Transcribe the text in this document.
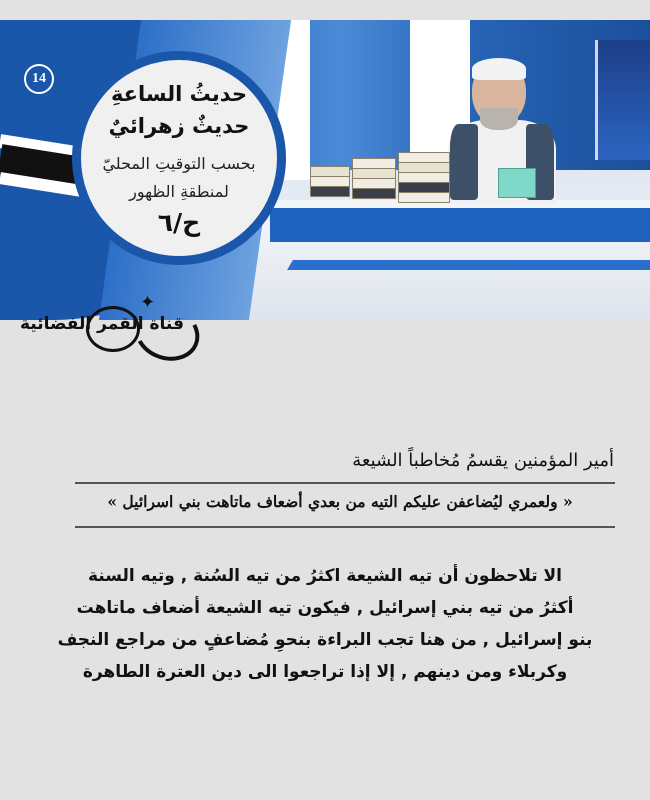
14
حديثُ الساعةِ
حديثٌ زهرائيٌ
بحسب التوقيتِ المحليّ
لمنطقةِ الظهور
ح/٦
✦
قناة القمر الفضائية
أمير المؤمنين يقسمُ مُخاطباً الشيعة
« ولعمري ليُضاعفن عليكم التيه من بعدي أضعاف ماتاهت بني اسرائيل »
الا تلاحظون أن تيه الشيعة اكثرُ من تيه السُنة , وتيه السنة
أكثرُ من تيه بني إسرائيل , فيكون تيه الشيعة أضعاف ماتاهت
بنو إسرائيل , من هنا تجب البراءة بنحوِ مُضاعفٍ من مراجع النجف
وكربلاء ومن دينهم , إلا إذا تراجعوا الى دين العترة الطاهرة
